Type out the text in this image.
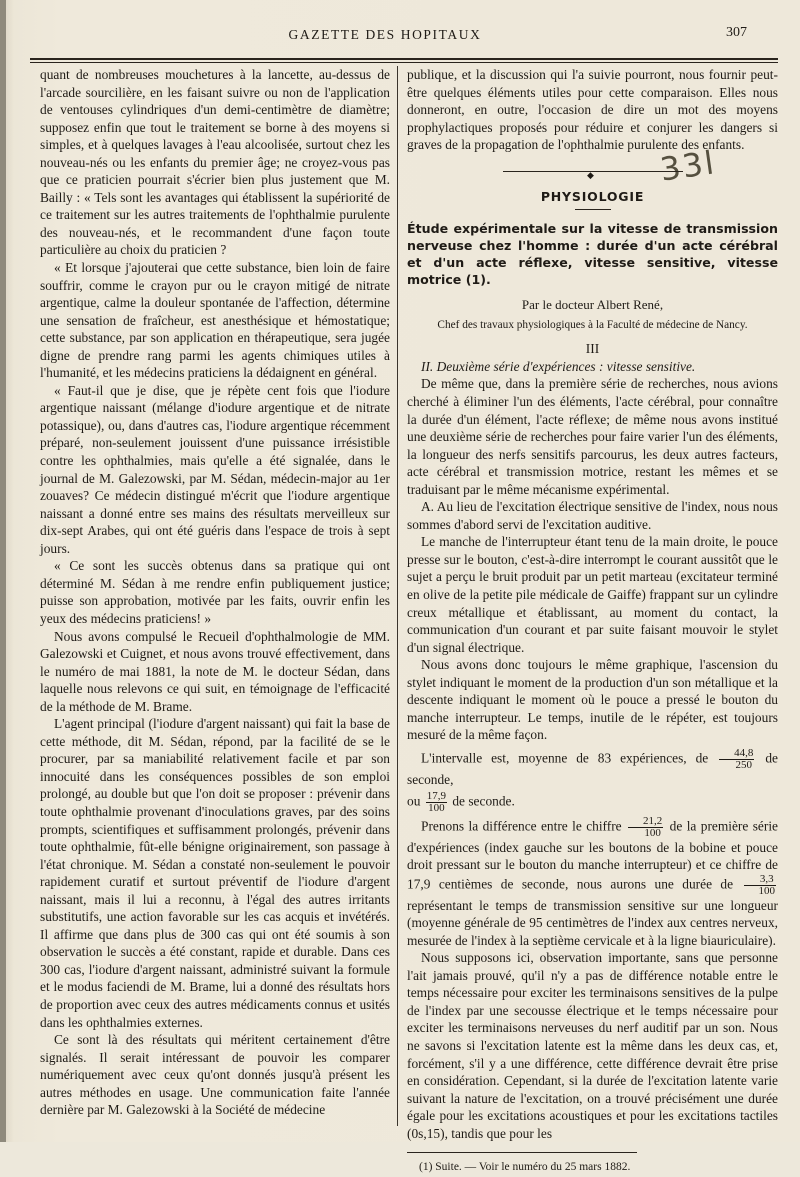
GAZETTE DES HOPITAUX	307

quant de nombreuses mouchetures à la lancette, au-dessus de l'arcade sourcilière, en les faisant suivre ou non de l'application de ventouses cylindriques d'un demi-centimètre de diamètre; supposez enfin que tout le traitement se borne à des moyens si simples, et à quelques lavages à l'eau alcoolisée, surtout chez les nouveau-nés ou les enfants du premier âge; ne croyez-vous pas que ce praticien pourrait s'écrier bien plus justement que M. Bailly : « Tels sont les avantages qui établissent la supériorité de ce traitement sur les autres traitements de l'ophthalmie purulente des nouveau-nés, et le recommandent d'une façon toute particulière au choix du praticien ?

« Et lorsque j'ajouterai que cette substance, bien loin de faire souffrir, comme le crayon pur ou le crayon mitigé de nitrate argentique, calme la douleur spontanée de l'affection, détermine une sensation de fraîcheur, est anesthésique et hémostatique; cette substance, par son application en thérapeutique, sera jugée digne de prendre rang parmi les agents chimiques utiles à l'humanité, et les médecins praticiens la dédaignent en général.

« Faut-il que je dise, que je répète cent fois que l'iodure argentique naissant (mélange d'iodure argentique et de nitrate potassique), ou, dans d'autres cas, l'iodure argentique récemment préparé, non-seulement jouissent d'une puissance irrésistible contre les ophthalmies, mais qu'elle a été signalée, dans le journal de M. Galezowski, par M. Sédan, médecin-major au 1er zouaves? Ce médecin distingué m'écrit que l'iodure argentique naissant a donné entre ses mains des résultats merveilleux sur dix-sept Arabes, qui ont été guéris dans l'espace de trois à sept jours.

« Ce sont les succès obtenus dans sa pratique qui ont déterminé M. Sédan à me rendre enfin publiquement justice; puisse son approbation, motivée par les faits, ouvrir enfin les yeux des médecins praticiens! »

Nous avons compulsé le Recueil d'ophthalmologie de MM. Galezowski et Cuignet, et nous avons trouvé effectivement, dans le numéro de mai 1881, la note de M. le docteur Sédan, dans laquelle nous relevons ce qui suit, en témoignage de l'efficacité de la méthode de M. Brame.

L'agent principal (l'iodure d'argent naissant) qui fait la base de cette méthode, dit M. Sédan, répond, par la facilité de se le procurer, par sa maniabilité relativement facile et par son innocuité dans les conséquences possibles de son emploi prolongé, au double but que l'on doit se proposer : prévenir dans toute ophthalmie provenant d'inoculations graves, par des soins prompts, scientifiques et suffisamment prolongés, prévenir dans toute ophthalmie, fût-elle bénigne originairement, son passage à l'état chronique. M. Sédan a constaté non-seulement le pouvoir rapidement curatif et surtout préventif de l'iodure d'argent naissant, mais il lui a reconnu, à l'égal des autres irritants substitutifs, une action favorable sur les cas acquis et invétérés. Il affirme que dans plus de 300 cas qui ont été soumis à son observation le succès a été constant, rapide et durable. Dans ces 300 cas, l'iodure d'argent naissant, administré suivant la formule et le modus faciendi de M. Brame, lui a donné des résultats hors de proportion avec ceux des autres médicaments connus et usités dans les ophthalmies externes.

Ce sont là des résultats qui méritent certainement d'être signalés. Il serait intéressant de pouvoir les comparer numériquement avec ceux qu'ont donnés jusqu'à présent les autres méthodes en usage. Une communication faite l'année dernière par M. Galezowski à la Société de médecine

33l

publique, et la discussion qui l'a suivie pourront, nous fournir peut-être quelques éléments utiles pour cette comparaison. Elles nous donneront, en outre, l'occasion de dire un mot des moyens prophylactiques proposés pour réduire et conjurer les dangers si graves de la propagation de l'ophthalmie purulente des enfants.

◆
PHYSIOLOGIE
Étude expérimentale sur la vitesse de transmission nerveuse chez l'homme : durée d'un acte cérébral et d'un acte réflexe, vitesse sensitive, vitesse motrice (1).
Par le docteur Albert René,
Chef des travaux physiologiques à la Faculté de médecine de Nancy.
III

II. Deuxième série d'expériences : vitesse sensitive.

De même que, dans la première série de recherches, nous avions cherché à éliminer l'un des éléments, l'acte cérébral, pour connaître la durée d'un élément, l'acte réflexe; de même nous avons institué une deuxième série de recherches pour faire varier l'un des éléments, la longueur des nerfs sensitifs parcourus, les deux autres facteurs, acte cérébral et transmission motrice, restant les mêmes et se traduisant par le même mécanisme expérimental.

A. Au lieu de l'excitation électrique sensitive de l'index, nous nous sommes d'abord servi de l'excitation auditive.

Le manche de l'interrupteur étant tenu de la main droite, le pouce presse sur le bouton, c'est-à-dire interrompt le courant aussitôt que le sujet a perçu le bruit produit par un petit marteau (excitateur terminé en olive de la petite pile médicale de Gaiffe) frappant sur un cylindre creux métallique et établissant, au moment du contact, la communication d'un courant et par suite faisant mouvoir le stylet d'un signal électrique.

Nous avons donc toujours le même graphique, l'ascension du stylet indiquant le moment de la production d'un son métallique et la descente indiquant le moment où le pouce a pressé le bouton du manche interrupteur. Le temps, inutile de le répéter, est toujours mesuré de la même façon.

L'intervalle est, moyenne de 83 expériences, de $\frac{44,8}{250}$ de seconde,

ou $\frac{17,9}{100}$ de seconde.

Prenons la différence entre le chiffre $\frac{21,2}{100}$ de la première série d'expériences (index gauche sur les boutons de la bobine et pouce droit pressant sur le bouton du manche interrupteur) et ce chiffre de 17,9 centièmes de seconde, nous aurons une durée de $\frac{3,3}{100}$
représentant le temps de transmission sensitive sur une longueur (moyenne générale de 95 centimètres de l'index aux centres nerveux, mesurée de l'index à la septième cervicale et à la ligne biauriculaire).

Nous supposons ici, observation importante, sans que personne l'ait jamais prouvé, qu'il n'y a pas de différence notable entre le temps nécessaire pour exciter les terminaisons sensitives de la pulpe de l'index par une secousse électrique et le temps nécessaire pour exciter les terminaisons nerveuses du nerf auditif par un son. Nous ne savons si l'excitation latente est la même dans les deux cas, et, forcément, s'il y a une différence, cette différence devrait être prise en considération. Cependant, si la durée de l'excitation latente varie suivant la nature de l'excitation, on a trouvé précisément une durée égale pour les excitations acoustiques et pour les excitations tactiles (0s,15), tandis que pour les

(1) Suite. — Voir le numéro du 25 mars 1882.
